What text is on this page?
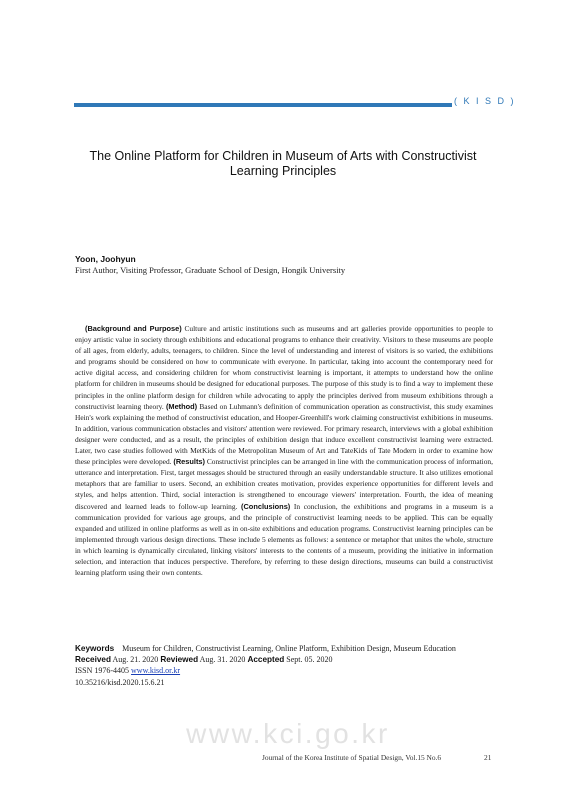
( K I S D )
The Online Platform for Children in Museum of Arts with Constructivist Learning Principles
Yoon, Joohyun
First Author, Visiting Professor, Graduate School of Design, Hongik University

(Background and Purpose) Culture and artistic institutions such as museums and art galleries provide opportunities to people to enjoy artistic value in society through exhibitions and educational programs to enhance their creativity. Visitors to these museums are people of all ages, from elderly, adults, teenagers, to children. Since the level of understanding and interest of visitors is so varied, the exhibitions and programs should be considered on how to communicate with everyone. In particular, taking into account the contemporary need for active digital access, and considering children for whom constructivist learning is important, it attempts to understand how the online platform for children in museums should be designed for educational purposes. The purpose of this study is to find a way to implement these principles in the online platform design for children while advocating to apply the principles derived from museum exhibitions through a constructivist learning theory. (Method) Based on Luhmann's definition of communication operation as constructivist, this study examines Hein's work explaining the method of constructivist education, and Hooper-Greenhill's work claiming constructivist exhibitions in museums. In addition, various communication obstacles and visitors' attention were reviewed. For primary research, interviews with a global exhibition designer were conducted, and as a result, the principles of exhibition design that induce excellent constructivist learning were extracted. Later, two case studies followed with MetKids of the Metropolitan Museum of Art and TateKids of Tate Modern in order to examine how these principles were developed. (Results) Constructivist principles can be arranged in line with the communication process of information, utterance and interpretation. First, target messages should be structured through an easily understandable structure. It also utilizes emotional metaphors that are familiar to users. Second, an exhibition creates motivation, provides experience opportunities for different levels and styles, and helps attention. Third, social interaction is strengthened to encourage viewers' interpretation. Fourth, the idea of meaning discovered and learned leads to follow-up learning. (Conclusions) In conclusion, the exhibitions and programs in a museum is a communication provided for various age groups, and the principle of constructivist learning needs to be applied. This can be equally expanded and utilized in online platforms as well as in on-site exhibitions and education programs. Constructivist learning principles can be implemented through various design directions. These include 5 elements as follows: a sentence or metaphor that unites the whole, structure in which learning is dynamically circulated, linking visitors' interests to the contents of a museum, providing the initiative in information selection, and interaction that induces perspective. Therefore, by referring to these design directions, museums can build a constructivist learning platform using their own contents.

Keywords Museum for Children, Constructivist Learning, Online Platform, Exhibition Design, Museum Education
Received Aug. 21. 2020 Reviewed Aug. 31. 2020 Accepted Sept. 05. 2020
ISSN 1976-4405 www.kisd.or.kr
10.35216/kisd.2020.15.6.21
www.kci.go.kr
Journal of the Korea Institute of Spatial Design, Vol.15 No.6	21
